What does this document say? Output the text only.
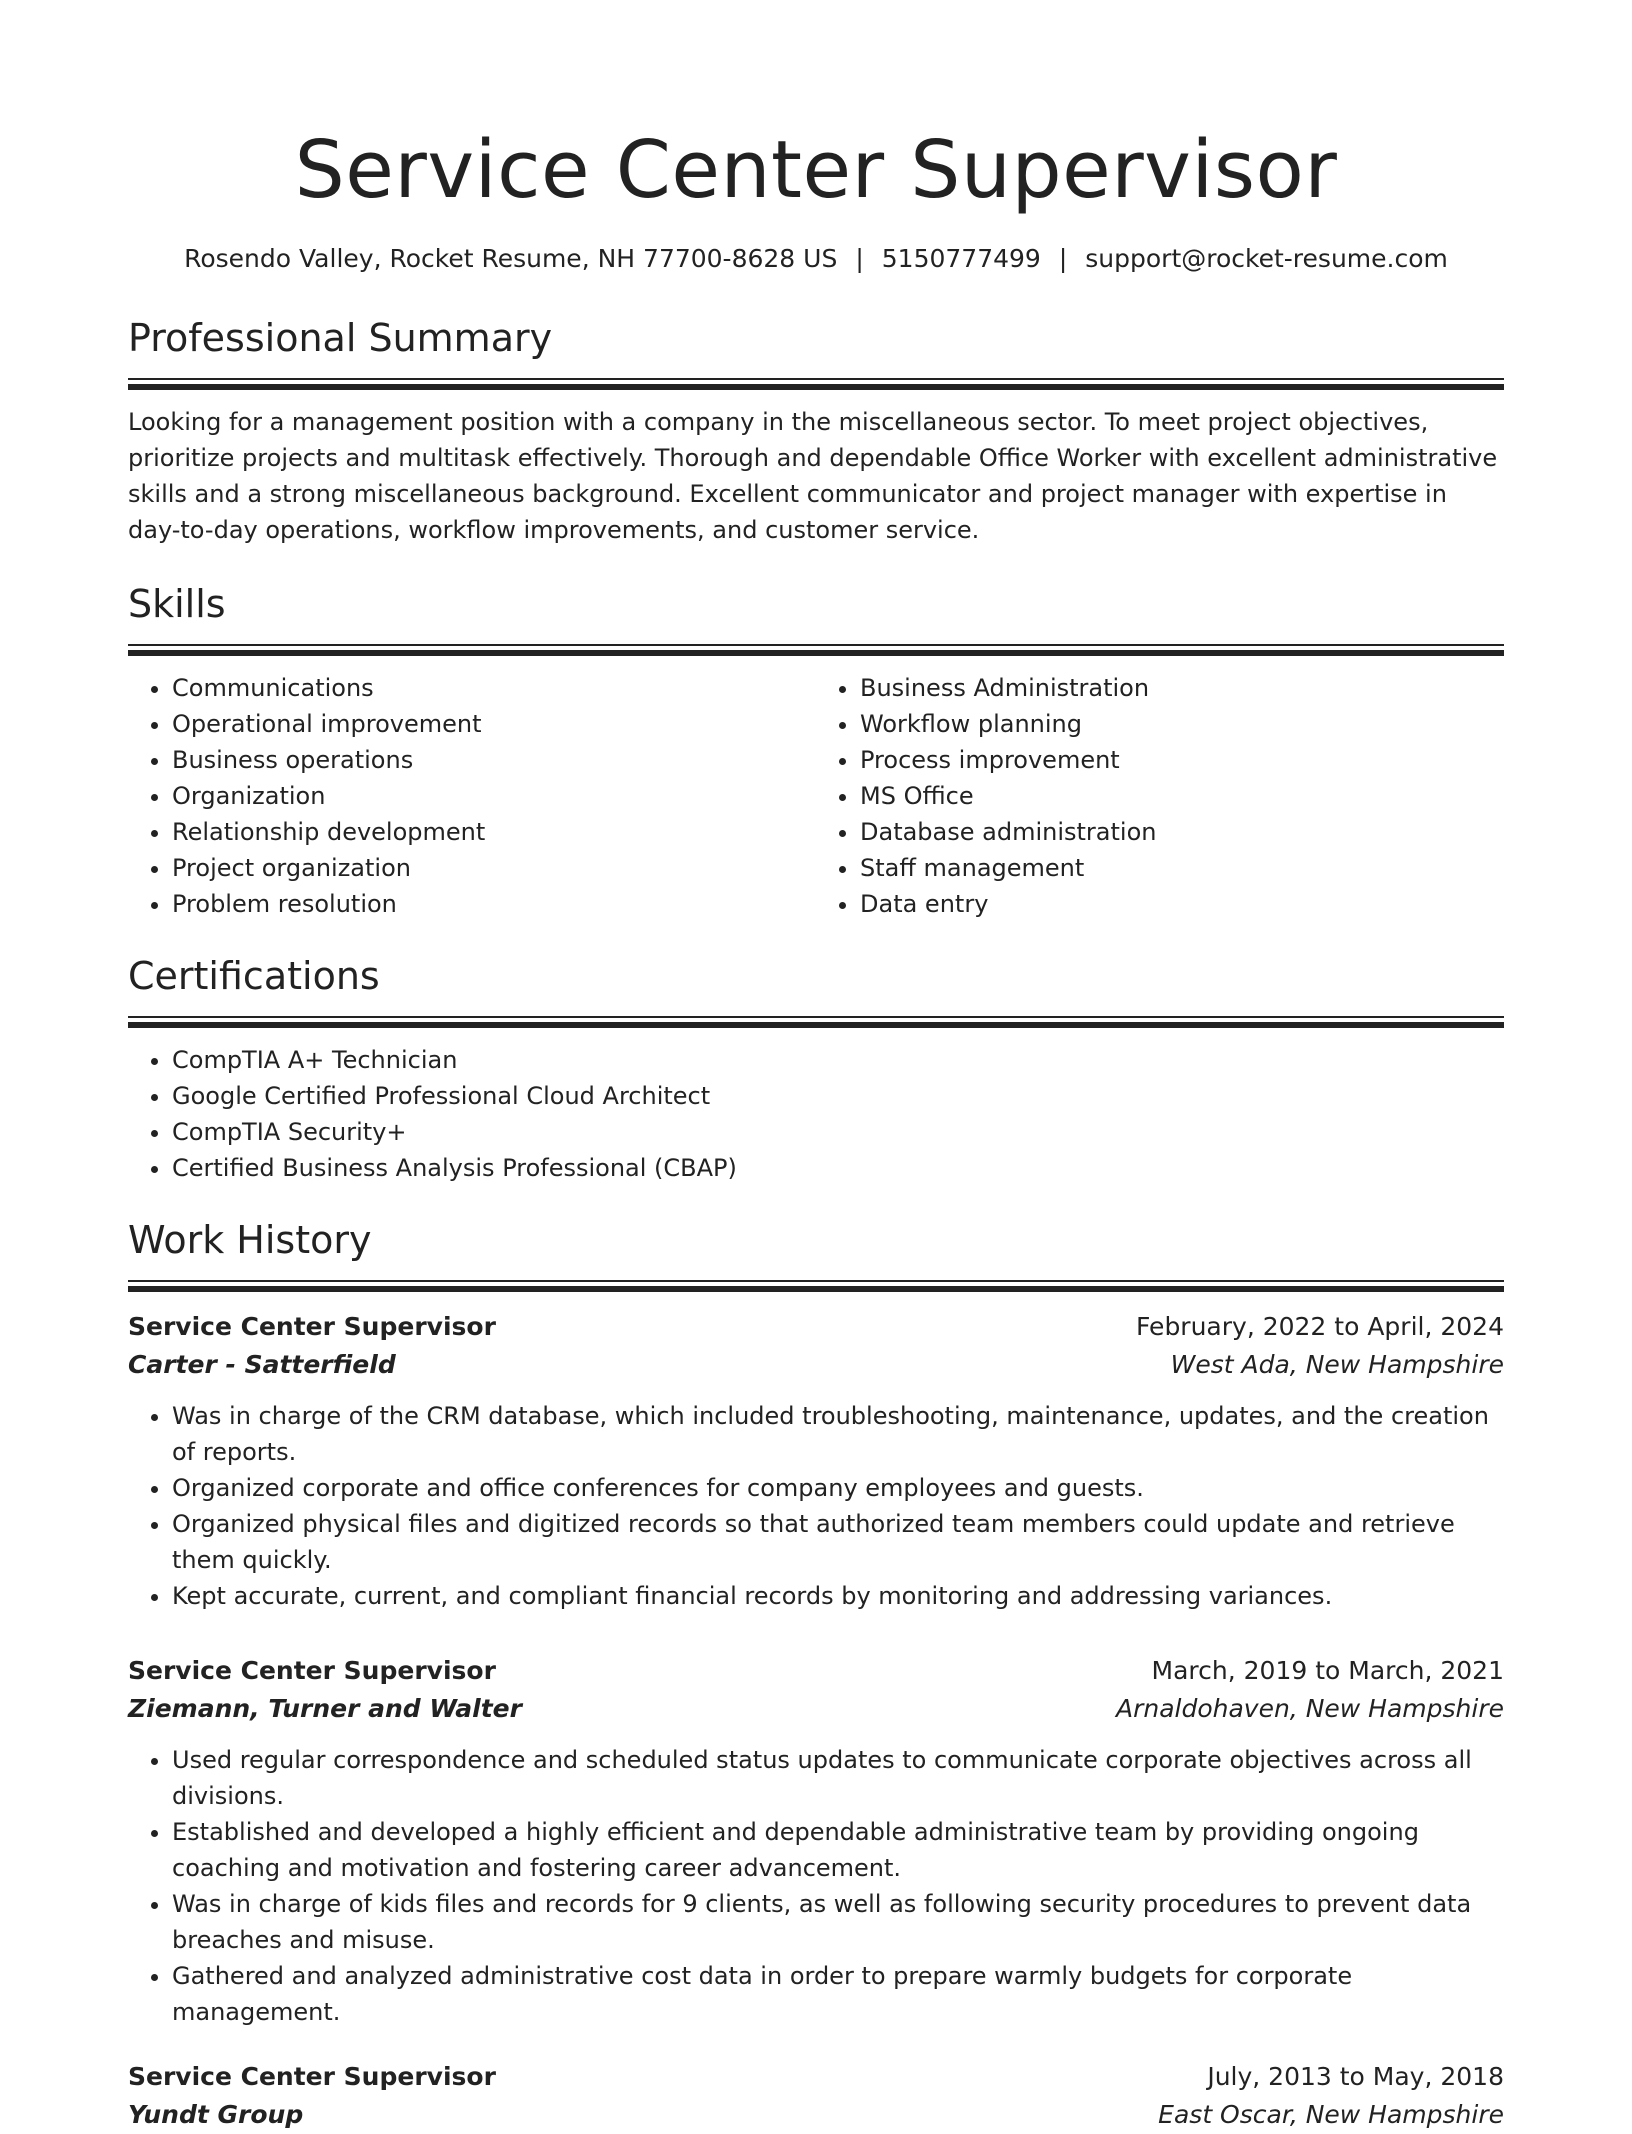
Service Center Supervisor
Rosendo Valley, Rocket Resume, NH 77700-8628 US | 5150777499 | support@rocket-resume.com
Professional Summary
Looking for a management position with a company in the miscellaneous sector. To meet project objectives, prioritize projects and multitask effectively. Thorough and dependable Office Worker with excellent administrative skills and a strong miscellaneous background. Excellent communicator and project manager with expertise in day-to-day operations, workflow improvements, and customer service.
Skills
• Communications
• Operational improvement
• Business operations
• Organization
• Relationship development
• Project organization
• Problem resolution
• Business Administration
• Workflow planning
• Process improvement
• MS Office
• Database administration
• Staff management
• Data entry
Certifications
• CompTIA A+ Technician
• Google Certified Professional Cloud Architect
• CompTIA Security+
• Certified Business Analysis Professional (CBAP)
Work History
Service Center Supervisor	February, 2022 to April, 2024
Carter - Satterfield	West Ada, New Hampshire
• Was in charge of the CRM database, which included troubleshooting, maintenance, updates, and the creation of reports.
• Organized corporate and office conferences for company employees and guests.
• Organized physical files and digitized records so that authorized team members could update and retrieve them quickly.
• Kept accurate, current, and compliant financial records by monitoring and addressing variances.
Service Center Supervisor	March, 2019 to March, 2021
Ziemann, Turner and Walter	Arnaldohaven, New Hampshire
• Used regular correspondence and scheduled status updates to communicate corporate objectives across all divisions.
• Established and developed a highly efficient and dependable administrative team by providing ongoing coaching and motivation and fostering career advancement.
• Was in charge of kids files and records for 9 clients, as well as following security procedures to prevent data breaches and misuse.
• Gathered and analyzed administrative cost data in order to prepare warmly budgets for corporate management.
Service Center Supervisor	July, 2013 to May, 2018
Yundt Group	East Oscar, New Hampshire
